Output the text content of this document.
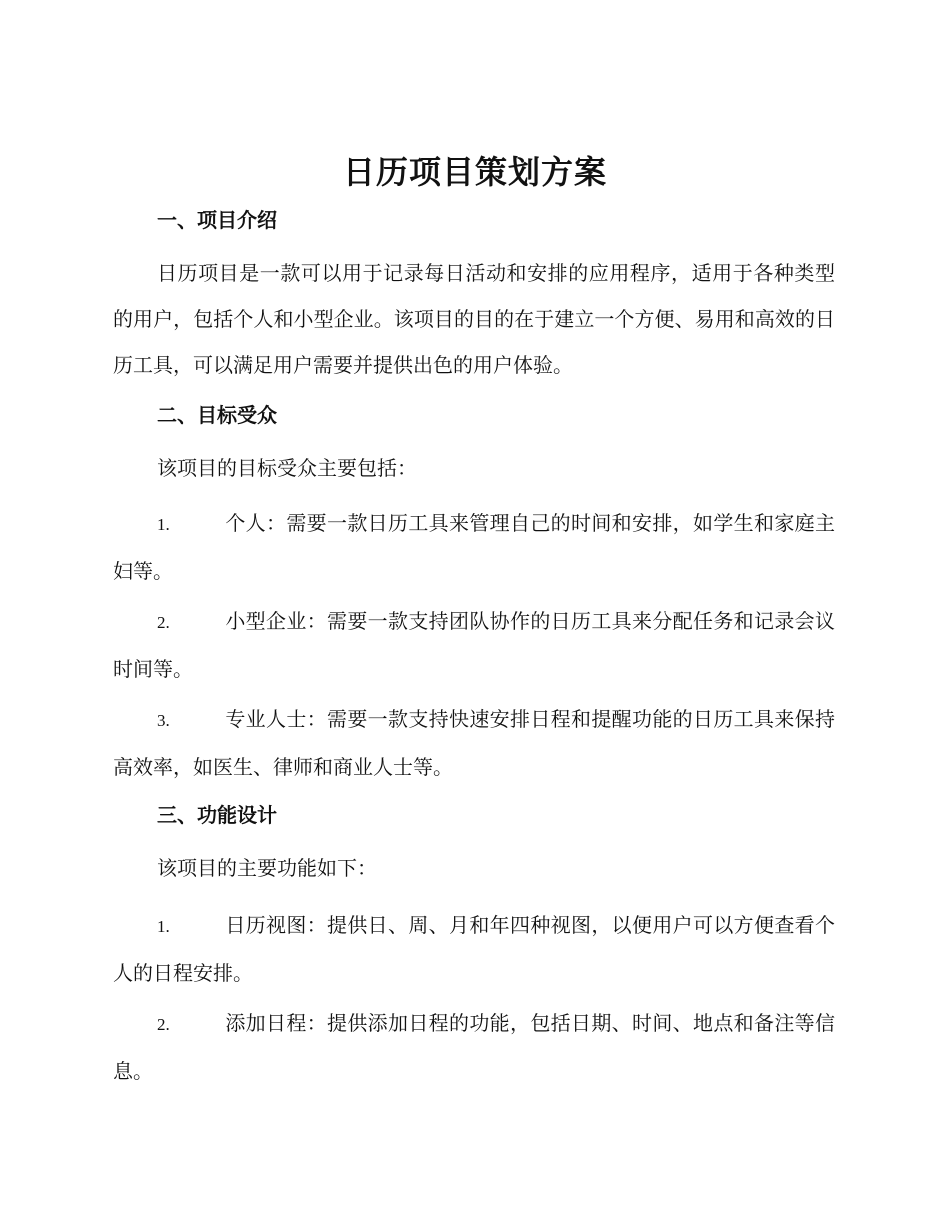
日历项目策划方案
一、项目介绍
日历项目是一款可以用于记录每日活动和安排的应用程序，适用于各种类型的用户，包括个人和小型企业。该项目的目的在于建立一个方便、易用和高效的日历工具，可以满足用户需要并提供出色的用户体验。
二、目标受众
该项目的目标受众主要包括：
1.	个人：需要一款日历工具来管理自己的时间和安排，如学生和家庭主妇等。
2.	小型企业：需要一款支持团队协作的日历工具来分配任务和记录会议时间等。
3.	专业人士：需要一款支持快速安排日程和提醒功能的日历工具来保持高效率，如医生、律师和商业人士等。
三、功能设计
该项目的主要功能如下：
1.	日历视图：提供日、周、月和年四种视图，以便用户可以方便查看个人的日程安排。
2.	添加日程：提供添加日程的功能，包括日期、时间、地点和备注等信息。
